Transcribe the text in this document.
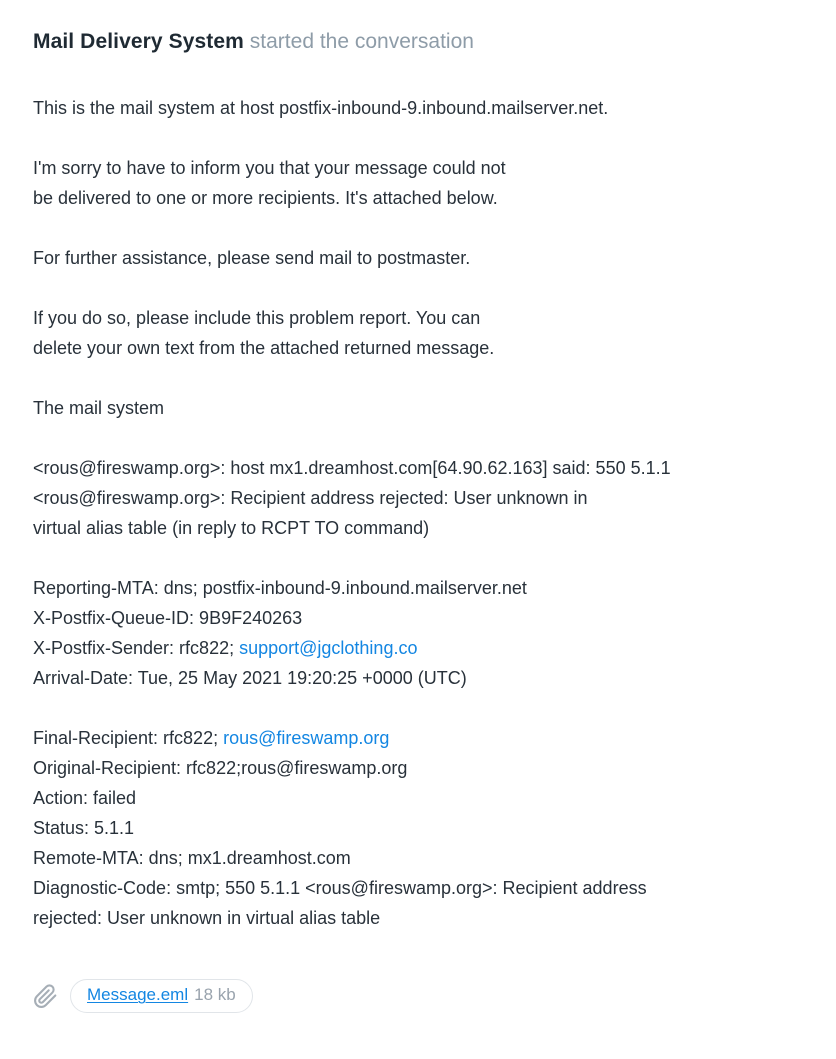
Mail Delivery System started the conversation

This is the mail system at host postfix-inbound-9.inbound.mailserver.net.

I'm sorry to have to inform you that your message could not
be delivered to one or more recipients. It's attached below.

For further assistance, please send mail to postmaster.

If you do so, please include this problem report. You can
delete your own text from the attached returned message.

The mail system

<rous@fireswamp.org>: host mx1.dreamhost.com[64.90.62.163] said: 550 5.1.1
<rous@fireswamp.org>: Recipient address rejected: User unknown in
virtual alias table (in reply to RCPT TO command)

Reporting-MTA: dns; postfix-inbound-9.inbound.mailserver.net
X-Postfix-Queue-ID: 9B9F240263
X-Postfix-Sender: rfc822; support@jgclothing.co
Arrival-Date: Tue, 25 May 2021 19:20:25 +0000 (UTC)

Final-Recipient: rfc822; rous@fireswamp.org
Original-Recipient: rfc822;rous@fireswamp.org
Action: failed
Status: 5.1.1
Remote-MTA: dns; mx1.dreamhost.com
Diagnostic-Code: smtp; 550 5.1.1 <rous@fireswamp.org>: Recipient address
rejected: User unknown in virtual alias table

Message.eml 18 kb
